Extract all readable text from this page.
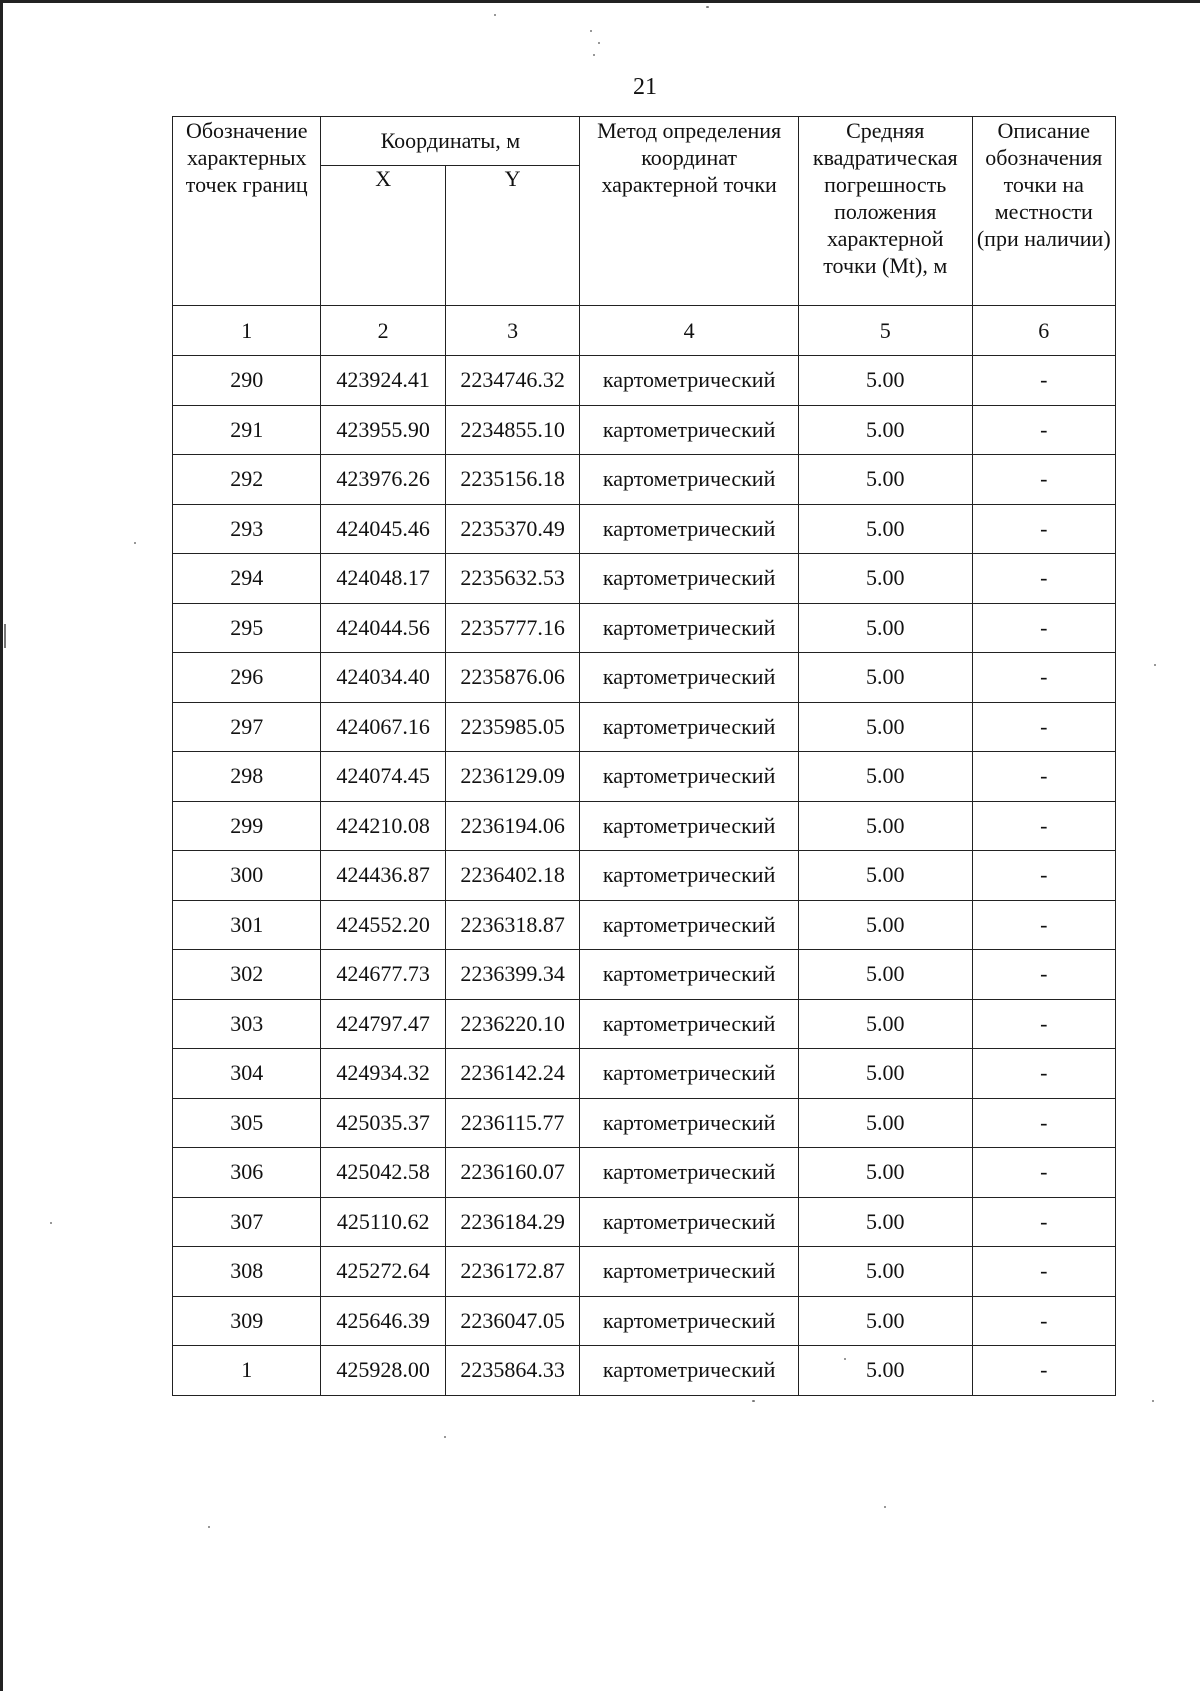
21
Обозначение характерных точек границ	Координаты, м		Метод определения координат характерной точки	Средняя квадратическая погрешность положения характерной точки (Mt), м	Описание обозначения точки на местности (при наличии)
	X	Y			
1	2	3	4	5	6
290	423924.41	2234746.32	картометрический	5.00	-
291	423955.90	2234855.10	картометрический	5.00	-
292	423976.26	2235156.18	картометрический	5.00	-
293	424045.46	2235370.49	картометрический	5.00	-
294	424048.17	2235632.53	картометрический	5.00	-
295	424044.56	2235777.16	картометрический	5.00	-
296	424034.40	2235876.06	картометрический	5.00	-
297	424067.16	2235985.05	картометрический	5.00	-
298	424074.45	2236129.09	картометрический	5.00	-
299	424210.08	2236194.06	картометрический	5.00	-
300	424436.87	2236402.18	картометрический	5.00	-
301	424552.20	2236318.87	картометрический	5.00	-
302	424677.73	2236399.34	картометрический	5.00	-
303	424797.47	2236220.10	картометрический	5.00	-
304	424934.32	2236142.24	картометрический	5.00	-
305	425035.37	2236115.77	картометрический	5.00	-
306	425042.58	2236160.07	картометрический	5.00	-
307	425110.62	2236184.29	картометрический	5.00	-
308	425272.64	2236172.87	картометрический	5.00	-
309	425646.39	2236047.05	картометрический	5.00	-
1	425928.00	2235864.33	картометрический	5.00	-
